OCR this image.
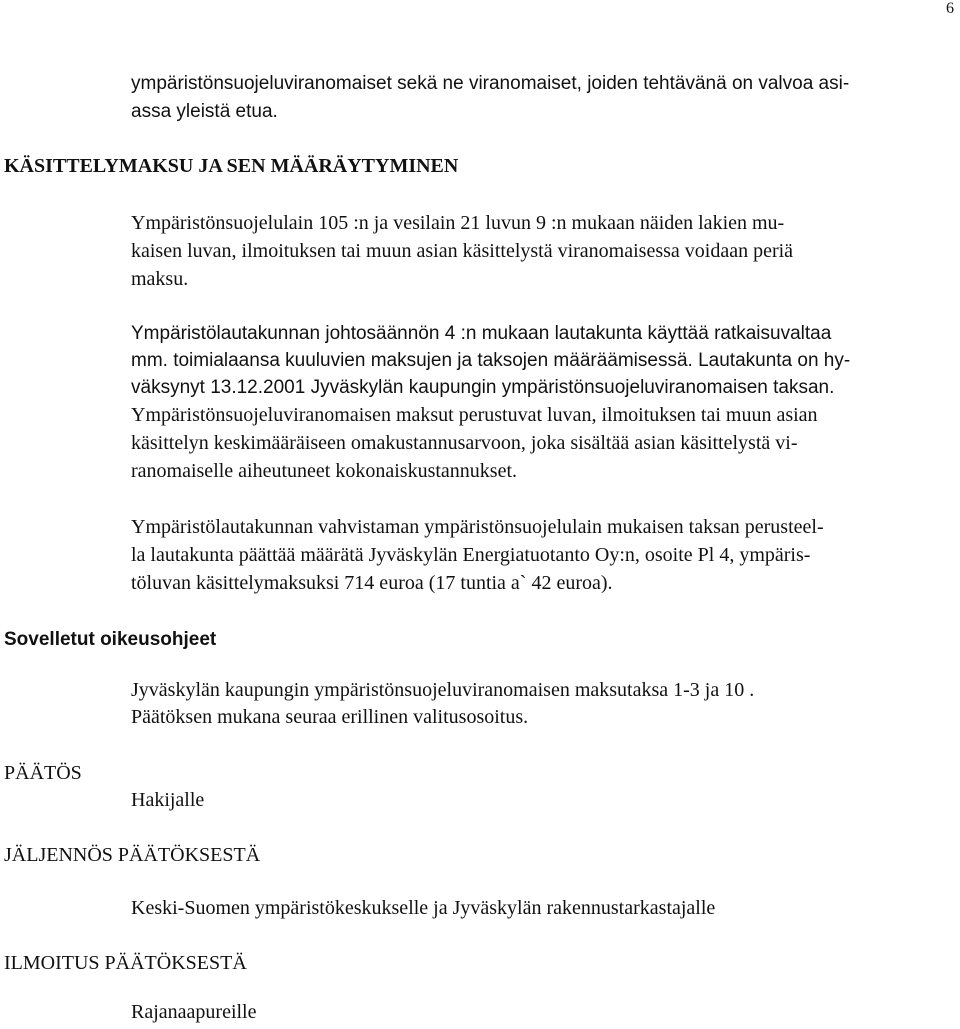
6
ympäristönsuojeluviranomaiset sekä ne viranomaiset, joiden tehtävänä on valvoa asi-
assa yleistä etua.
KÄSITTELYMAKSU JA SEN MÄÄRÄYTYMINEN
Ympäristönsuojelulain 105 :n ja vesilain 21 luvun 9 :n mukaan näiden lakien mu-
kaisen luvan, ilmoituksen tai muun asian käsittelystä viranomaisessa voidaan periä
maksu.
Ympäristölautakunnan johtosäännön 4 :n mukaan lautakunta käyttää ratkaisuvaltaa
mm. toimialaansa kuuluvien maksujen ja taksojen määräämisessä. Lautakunta on hy-
väksynyt 13.12.2001 Jyväskylän kaupungin ympäristönsuojeluviranomaisen taksan.
Ympäristönsuojeluviranomaisen maksut perustuvat luvan, ilmoituksen tai muun asian
käsittelyn keskimääräiseen omakustannusarvoon, joka sisältää asian käsittelystä vi-
ranomaiselle aiheutuneet kokonaiskustannukset.
Ympäristölautakunnan vahvistaman ympäristönsuojelulain mukaisen taksan perusteel-
la lautakunta päättää määrätä Jyväskylän Energiatuotanto Oy:n, osoite Pl 4, ympäris-
töluvan käsittelymaksuksi 714 euroa (17 tuntia a` 42 euroa).
Sovelletut oikeusohjeet
Jyväskylän kaupungin ympäristönsuojeluviranomaisen maksutaksa 1-3 ja 10 .
Päätöksen mukana seuraa erillinen valitusosoitus.
PÄÄTÖS
Hakijalle
JÄLJENNÖS PÄÄTÖKSESTÄ
Keski-Suomen ympäristökeskukselle ja Jyväskylän rakennustarkastajalle
ILMOITUS PÄÄTÖKSESTÄ
Rajanaapureille
